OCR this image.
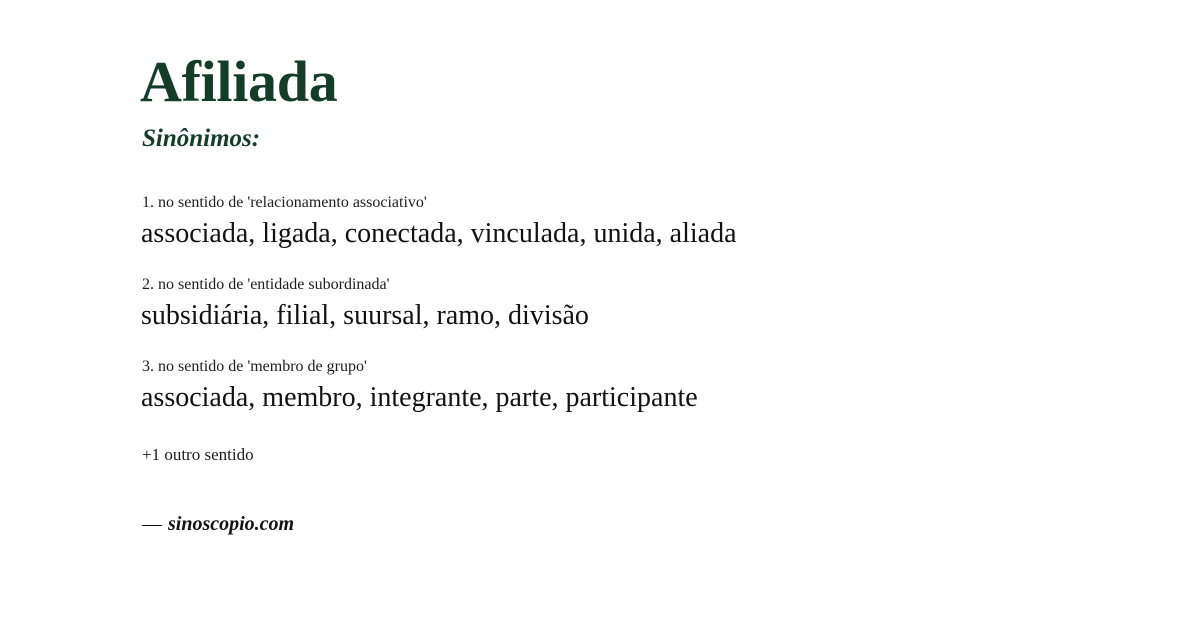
Afiliada
Sinônimos:
1. no sentido de 'relacionamento associativo'
associada, ligada, conectada, vinculada, unida, aliada
2. no sentido de 'entidade subordinada'
subsidiária, filial, suursal, ramo, divisão
3. no sentido de 'membro de grupo'
associada, membro, integrante, parte, participante
+1 outro sentido
— sinoscopio.com
